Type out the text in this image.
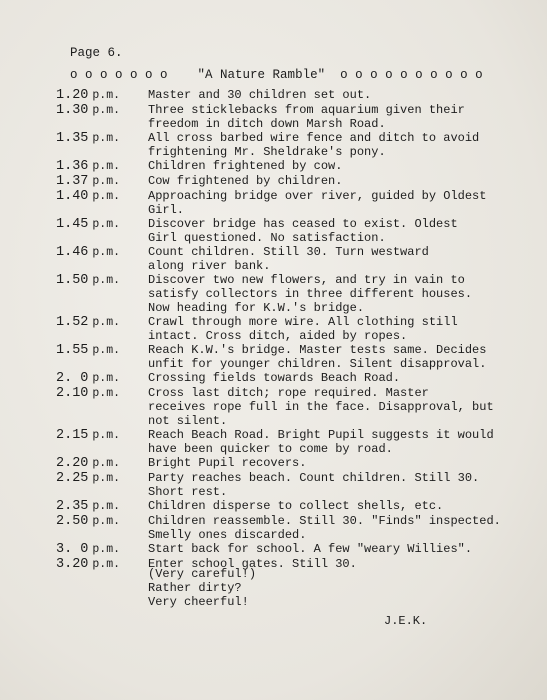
Page 6.
o o o o o o o "A Nature Ramble" o o o o o o o o o o
1.20 p.m.	Master and 30 children set out.
1.30 p.m.	Three sticklebacks from aquarium given their
freedom in ditch down Marsh Road.
1.35 p.m.	All cross barbed wire fence and ditch to avoid
frightening Mr. Sheldrake's pony.
1.36 p.m.	Children frightened by cow.
1.37 p.m.	Cow frightened by children.
1.40 p.m.	Approaching bridge over river, guided by Oldest
Girl.
1.45 p.m.	Discover bridge has ceased to exist. Oldest
Girl questioned. No satisfaction.
1.46 p.m.	Count children. Still 30. Turn westward
along river bank.
1.50 p.m.	Discover two new flowers, and try in vain to
satisfy collectors in three different houses.
Now heading for K.W.'s bridge.
1.52 p.m.	Crawl through more wire. All clothing still
intact. Cross ditch, aided by ropes.
1.55 p.m.	Reach K.W.'s bridge. Master tests same. Decides
unfit for younger children. Silent disapproval.
2. 0 p.m.	Crossing fields towards Beach Road.
2.10 p.m.	Cross last ditch; rope required. Master
receives rope full in the face. Disapproval, but
not silent.
2.15 p.m.	Reach Beach Road. Bright Pupil suggests it would
have been quicker to come by road.
2.20 p.m.	Bright Pupil recovers.
2.25 p.m.	Party reaches beach. Count children. Still 30.
Short rest.
2.35 p.m.	Children disperse to collect shells, etc.
2.50 p.m.	Children reassemble. Still 30. "Finds" inspected.
Smelly ones discarded.
3. 0 p.m.	Start back for school. A few "weary Willies".
3.20 p.m.	Enter school gates. Still 30.
(Very careful!)
Rather dirty?
Very cheerful!
J.E.K.
